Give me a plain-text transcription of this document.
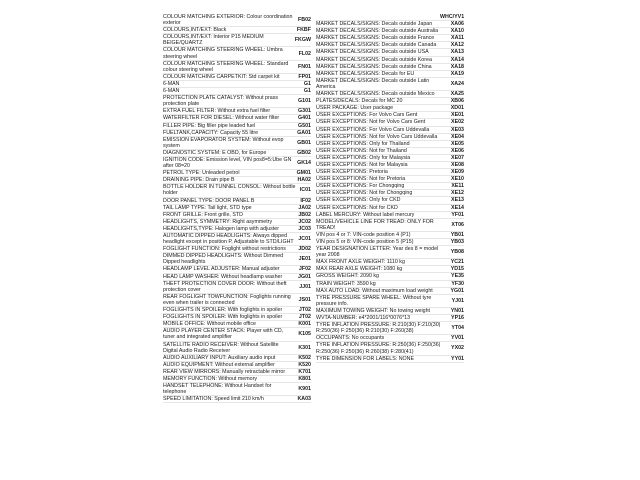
WHC/YV1
COLOUR MATCHING EXTERIOR: Colour coordination exterior
FB02
COLOURS,INT/EXT: Black	FKBF
COLOURS,INT/EXT: Interior P15 MEDIUM BEIGE/QUARTZ
FKGW
COLOUR MATCHING STEERING WHEEL: Umbra steering wheel
FL02
COLOUR MATCHING STEERING WHEEL: Standard colour steering wheel
FN01
COLOUR MATCHING CARPETKIT: Std carpet kit	FP01
6-MAN	G1
6-MAN	G1
PROTECTION PLATE CATALYST: Without prass protection plate
G101
EXTRA FUEL FILTER: Without extra fuel filter	G301
WATERFILTER FOR DIESEL: Without water filter	G401
FILLER PIPE: Big filler pipe leaded fuel	G501
FUELTANK,CAPACITY: Capacity 55 litre	GA01
EMISSION EVAPORATOR SYSTEM: Without evop system
GB01
DIAGNOSTIC SYSTEM: E OBD, for Europe	GB02
IGNITION CODE: Emission level, VIN pos8=5:Ube GN after 08=20
GK14
PETROL TYPE: Unleaded petrol	GM01
DRAINING PIPE: Drain pipe B	HA02
BOTTLE HOLDER IN TUNNEL CONSOL: Without bottle holder
IC01
DOOR PANEL TYPE: DOOR PANEL B	IF02
TAIL LAMP TYPE: Tail light, STD type	JA02
FRONT GRILLE: Front grille, STD	JB02
HEADLIGHTS, SYMMETRY: Right asymmetry	JC02
HEADLIGHTS,TYPE: Halogen lamp with adjuster	JC03
AUTOMATIC DIPPED HEADLIGHTS: Always dipped headlight except in position P, Adjustable to STD/LIGHT
JC01
FOGLIGHT FUNCTION: Foglight without restrictions	JD02
DIMMED DIPPED HEADLIGHTS: Without Dimmed Dipped headlights
JE01
HEADLAMP LEVEL ADJUSTER: Manual adjuster	JF02
HEAD LAMP WASHER: Without headlamp washer	JG01
THEFT PROTECTION COVER DOOR: Without theft protection cover
JJ01
REAR FOGLIGHT TOWFUNCTION: Foglights running even when trailer is connected
JS01
FOGLIGHTS IN SPOILER: With foglights in spoiler	JT02
FOGLIGHTS IN SPOILER: With foglights in spoiler	JT02
MOBILE OFFICE: Without mobile office	K001
AUDIO PLAYER CENTER STACK: Player with CD, tuner and integrated amplifier
K105
SATELLITE RADIO RECEIVER: Without Satellite Digital Audio Radio Receiver
K301
AUDIO AUXILIARY INPUT: Auxiliary audio input	K502
AUDIO EQUIPMENT: Without external amplifier	K520
REAR VIEW MIRRORS: Manually retractable mirror	K701
MEMORY FUNCTION: Without memory	K801
HANDSET TELEPHONE: Without Handset for telephone
K901
SPEED LIMITATION: Speed limit 210 km/h	KA03
MARKET DECALS/SIGNS: Decals outside Japan	XA06
MARKET DECALS/SIGNS: Decals outside Australia	XA10
MARKET DECALS/SIGNS: Decals outside France	XA11
MARKET DECALS/SIGNS: Decals outside Canada	XA12
MARKET DECALS/SIGNS: Decals outside USA	XA13
MARKET DECALS/SIGNS: Decals outside Korea	XA14
MARKET DECALS/SIGNS: Decals outside China	XA18
MARKET DECALS/SIGNS: Decals for EU	XA19
MARKET DECALS/SIGNS: Decals outside Latin America
XA24
MARKET DECALS/SIGNS: Decals outside Mexico	XA25
PLATES/DECALS: Decals for MC 20	XB06
USER PACKAGE: User package	XD01
USER EXCEPTIONS: For Volvo Cars Gent	XE01
USER EXCEPTIONS: Not for Volvo Cars Gent	XE02
USER EXCEPTIONS: For Volvo Cars Uddevalla	XE03
USER EXCEPTIONS: Not for Volvo Cars Uddevalla	XE04
USER EXCEPTIONS: Only for Thailand	XE05
USER EXCEPTIONS: Not for Thailand	XE06
USER EXCEPTIONS: Only for Malaysia	XE07
USER EXCEPTIONS: Not for Malaysia	XE08
USER EXCEPTIONS: Pretoria	XE09
USER EXCEPTIONS: Not for Pretoria	XE10
USER EXCEPTIONS: For Chongqing	XE11
USER EXCEPTIONS: Not for Chongqing	XE12
USER EXCEPTIONS: Only for CKD	XE13
USER EXCEPTIONS: Not for CKD	XE14
LABEL MERCURY: Without label mercury	YF01
MODEL/VEHICLE LINE FOR TREAD: ONLY FOR TREAD!
XT06
VIN pos 4 or 7: VIN-code position 4 (P1)	YB01
VIN pos 5 or 8: VIN-code position 5 (P15)	YB03
YEAR DESIGNATION LETTER: Year des 8 = model year 2008
YB08
MAX FRONT AXLE WEIGHT: 1110 kg	YC21
MAX REAR AXLE WEIGHT: 1080 kg	YD15
GROSS WEIGHT: 2090 kg	YE35
TRAIN WEIGHT: 3590 kg	YF30
MAX AUTO LOAD: Without maximum load weight	YG01
TYRE PRESSURE SPARE WHEEL: Without tyre pressure info.
YJ01
MAXIMUM TOWING WEIGHT: No towing weight	YN01
WVTA-NUMBER: e4*2001/116*0076*13	YP16
TYRE INFLATION PRESSURE: R:210(30) F:210(30) R:250(36) F:250(36) R:210(30) F:260(38)
YT04
OCCUPANTS: No occupants	YV01
TYRE INFLATION PRESSURE: R:250(36) F:250(36) R:250(36) F:250(36) R:260(38) F:280(41)
YX02
TYRE DIMENSION FOR LABELS: NONE	YY01
